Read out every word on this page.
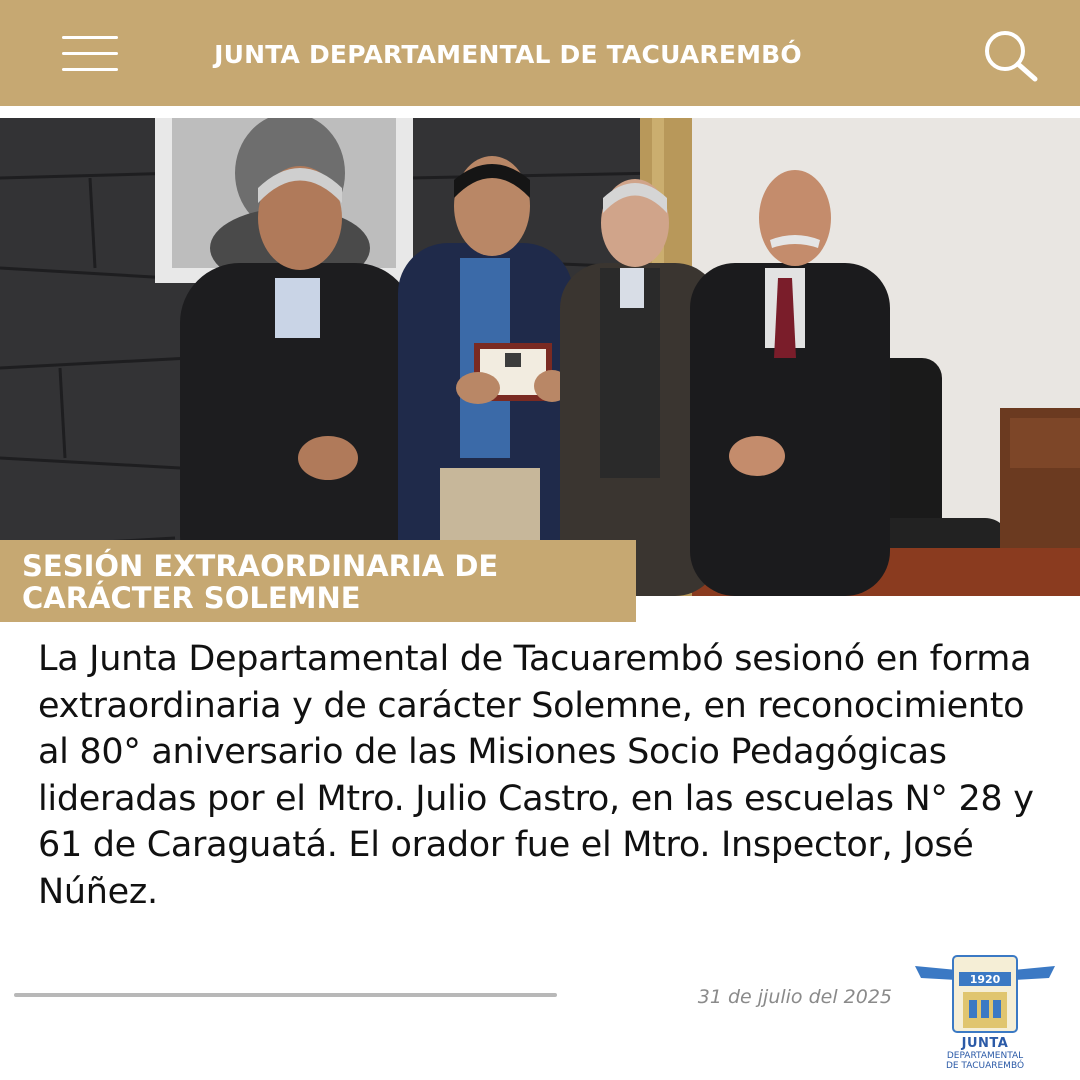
JUNTA DEPARTAMENTAL DE TACUAREMBÓ
SESIÓN EXTRAORDINARIA DE
CARÁCTER SOLEMNE
La Junta Departamental de Tacuarembó sesionó en forma extraordinaria y de carácter Solemne, en reconocimiento al 80° aniversario de las Misiones Socio Pedagógicas lideradas por el Mtro. Julio Castro, en las escuelas N° 28 y 61 de Caraguatá. El orador fue el Mtro. Inspector, José Núñez.
31 de jjulio del 2025
1920
JUNTA
DEPARTAMENTAL
DE TACUAREMBÓ
